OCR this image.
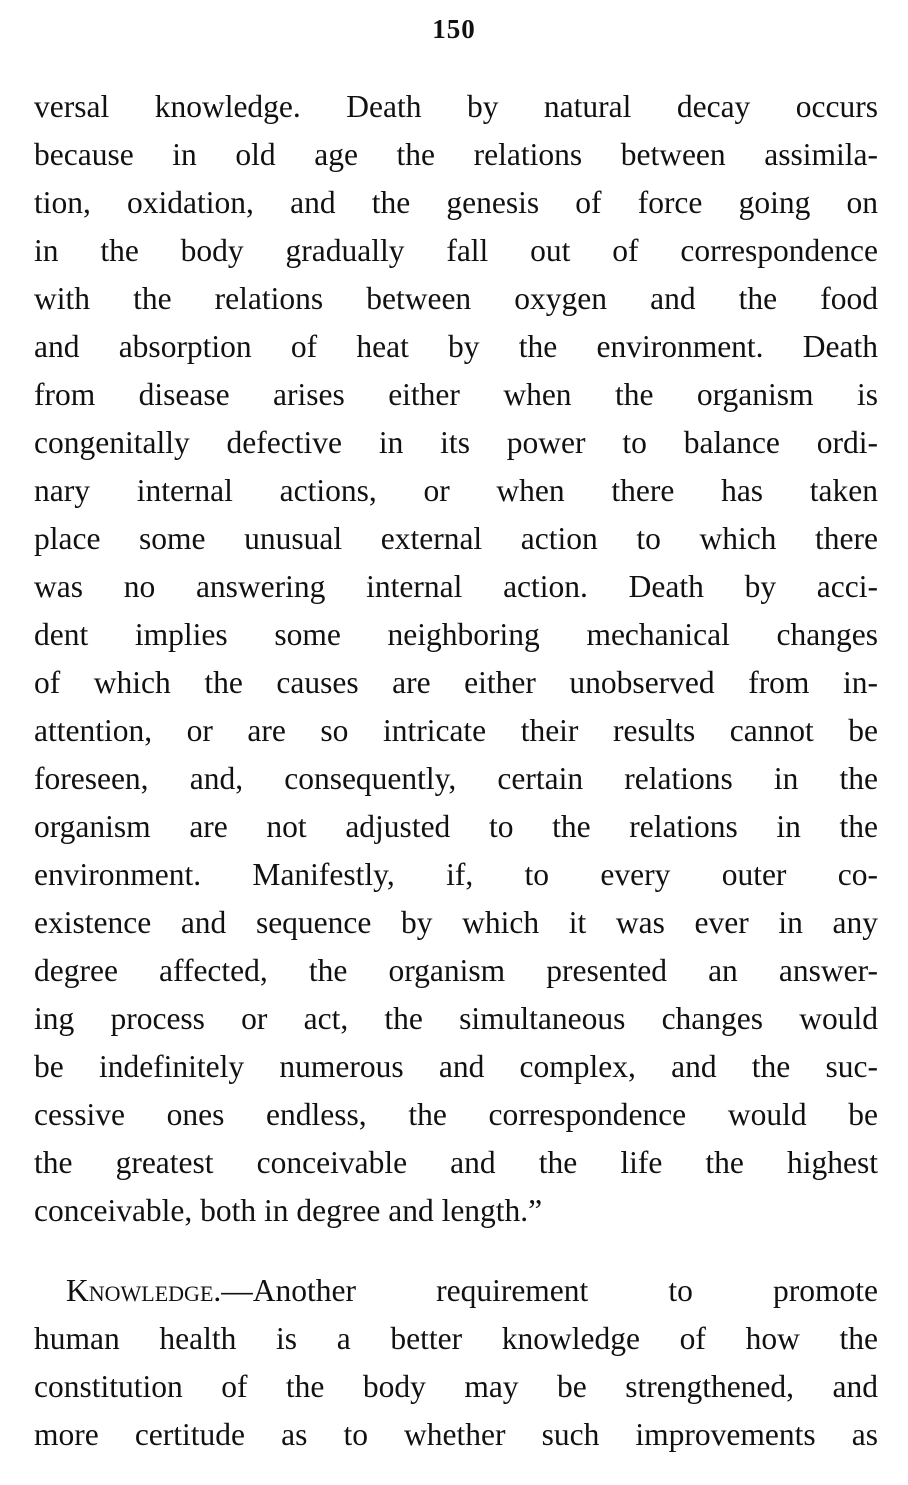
150
versal knowledge. Death by natural decay occurs
because in old age the relations between assimila-
tion, oxidation, and the genesis of force going on
in the body gradually fall out of correspondence
with the relations between oxygen and the food
and absorption of heat by the environment. Death
from disease arises either when the organism is
congenitally defective in its power to balance ordi-
nary internal actions, or when there has taken
place some unusual external action to which there
was no answering internal action. Death by acci-
dent implies some neighboring mechanical changes
of which the causes are either unobserved from in-
attention, or are so intricate their results cannot be
foreseen, and, consequently, certain relations in the
organism are not adjusted to the relations in the
environment. Manifestly, if, to every outer co-
existence and sequence by which it was ever in any
degree affected, the organism presented an answer-
ing process or act, the simultaneous changes would
be indefinitely numerous and complex, and the suc-
cessive ones endless, the correspondence would be
the greatest conceivable and the life the highest
conceivable, both in degree and length.”
Knowledge.—Another requirement to promote
human health is a better knowledge of how the
constitution of the body may be strengthened, and
more certitude as to whether such improvements as
